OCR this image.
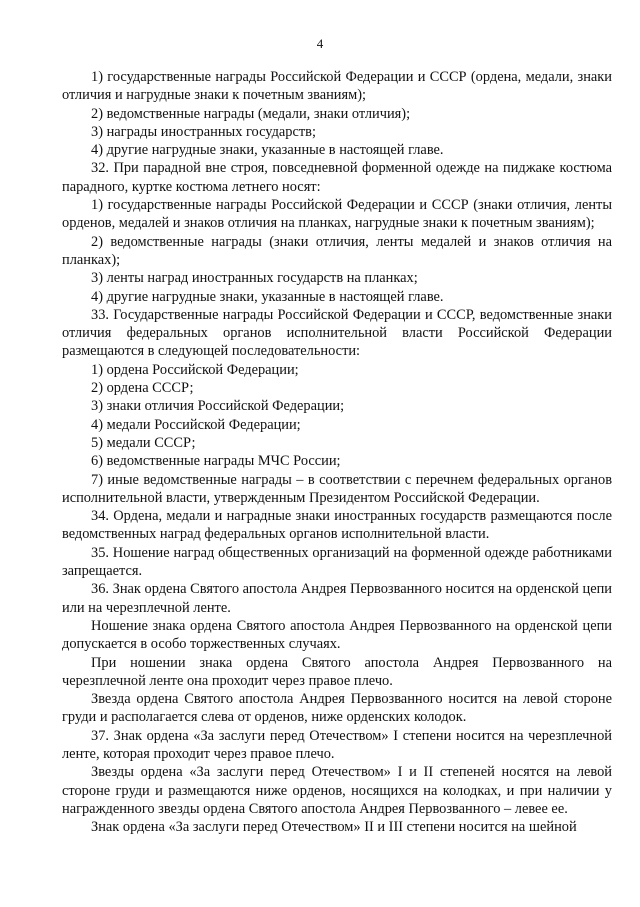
4

1) государственные награды Российской Федерации и СССР (ордена, медали, знаки отличия и нагрудные знаки к почетным званиям);

2) ведомственные награды (медали, знаки отличия);

3) награды иностранных государств;

4) другие нагрудные знаки, указанные в настоящей главе.

32. При парадной вне строя, повседневной форменной одежде на пиджаке костюма парадного, куртке костюма летнего носят:

1) государственные награды Российской Федерации и СССР (знаки отличия, ленты орденов, медалей и знаков отличия на планках, нагрудные знаки к почетным званиям);

2) ведомственные награды (знаки отличия, ленты медалей и знаков отличия на планках);

3) ленты наград иностранных государств на планках;

4) другие нагрудные знаки, указанные в настоящей главе.

33. Государственные награды Российской Федерации и СССР, ведомственные знаки отличия федеральных органов исполнительной власти Российской Федерации размещаются в следующей последовательности:

1) ордена Российской Федерации;

2) ордена СССР;

3) знаки отличия Российской Федерации;

4) медали Российской Федерации;

5) медали СССР;

6) ведомственные награды МЧС России;

7) иные ведомственные награды – в соответствии с перечнем федеральных органов исполнительной власти, утвержденным Президентом Российской Федерации.

34. Ордена, медали и наградные знаки иностранных государств размещаются после ведомственных наград федеральных органов исполнительной власти.

35. Ношение наград общественных организаций на форменной одежде работниками запрещается.

36. Знак ордена Святого апостола Андрея Первозванного носится на орденской цепи или на черезплечной ленте.

Ношение знака ордена Святого апостола Андрея Первозванного на орденской цепи допускается в особо торжественных случаях.

При ношении знака ордена Святого апостола Андрея Первозванного на черезплечной ленте она проходит через правое плечо.

Звезда ордена Святого апостола Андрея Первозванного носится на левой стороне груди и располагается слева от орденов, ниже орденских колодок.

37. Знак ордена «За заслуги перед Отечеством» I степени носится на черезплечной ленте, которая проходит через правое плечо.

Звезды ордена «За заслуги перед Отечеством» I и II степеней носятся на левой стороне груди и размещаются ниже орденов, носящихся на колодках, и при наличии у награжденного звезды ордена Святого апостола Андрея Первозванного – левее ее.

Знак ордена «За заслуги перед Отечеством» II и III степени носится на шейной
